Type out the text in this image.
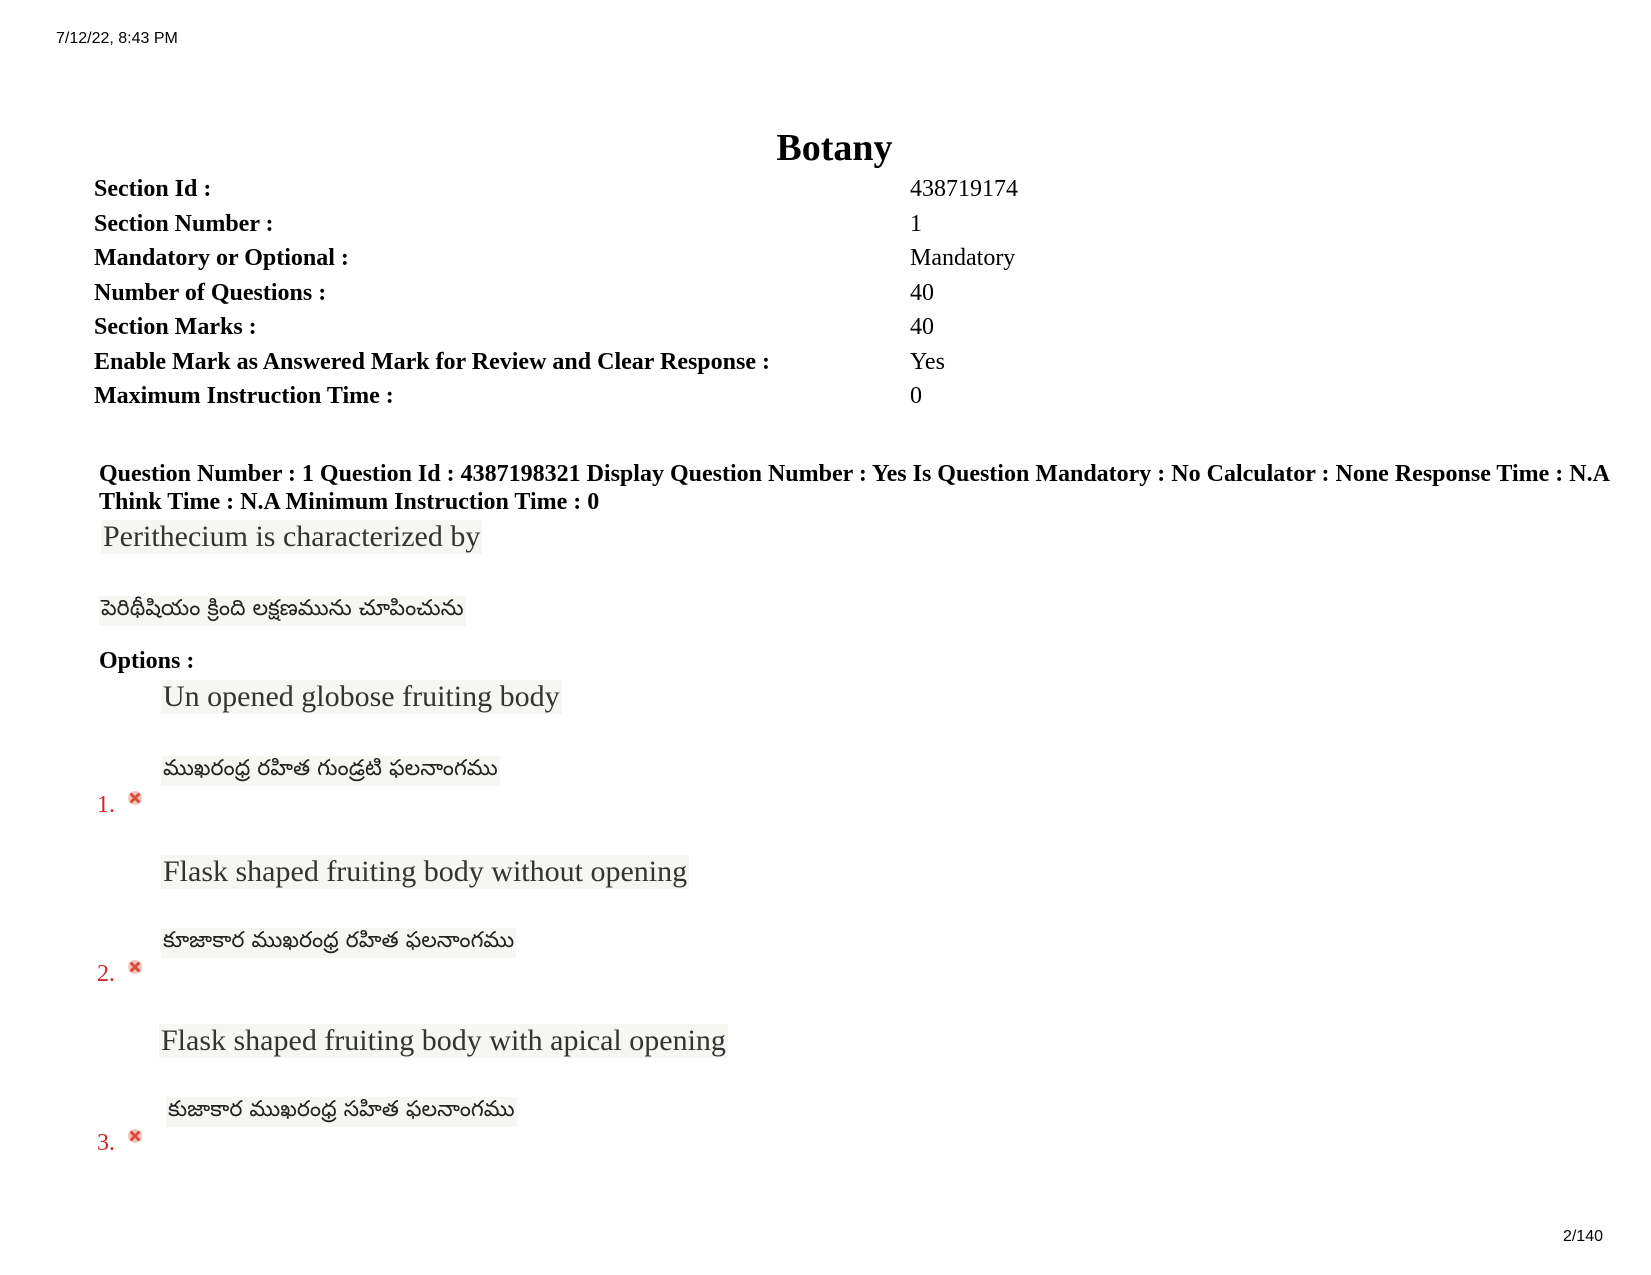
7/12/22, 8:43 PM
Botany
Section Id :	438719174
Section Number :	1
Mandatory or Optional :	Mandatory
Number of Questions :	40
Section Marks :	40
Enable Mark as Answered Mark for Review and Clear Response :	Yes
Maximum Instruction Time :	0
Question Number : 1 Question Id : 4387198321 Display Question Number : Yes Is Question Mandatory : No Calculator : None Response Time : N.A Think Time : N.A Minimum Instruction Time : 0
Perithecium is characterized by
పెరిథీషియం క్రింది లక్షణమును చూపించును
Options :
Un opened globose fruiting body
ముఖరంధ్ర రహిత గుండ్రటి ఫలనాంగము
1.
Flask shaped fruiting body without opening
కూజాకార ముఖరంధ్ర రహిత ఫలనాంగము
2.
Flask shaped fruiting body with apical opening
కుజాకార ముఖరంధ్ర సహిత ఫలనాంగము
3.
2/140
